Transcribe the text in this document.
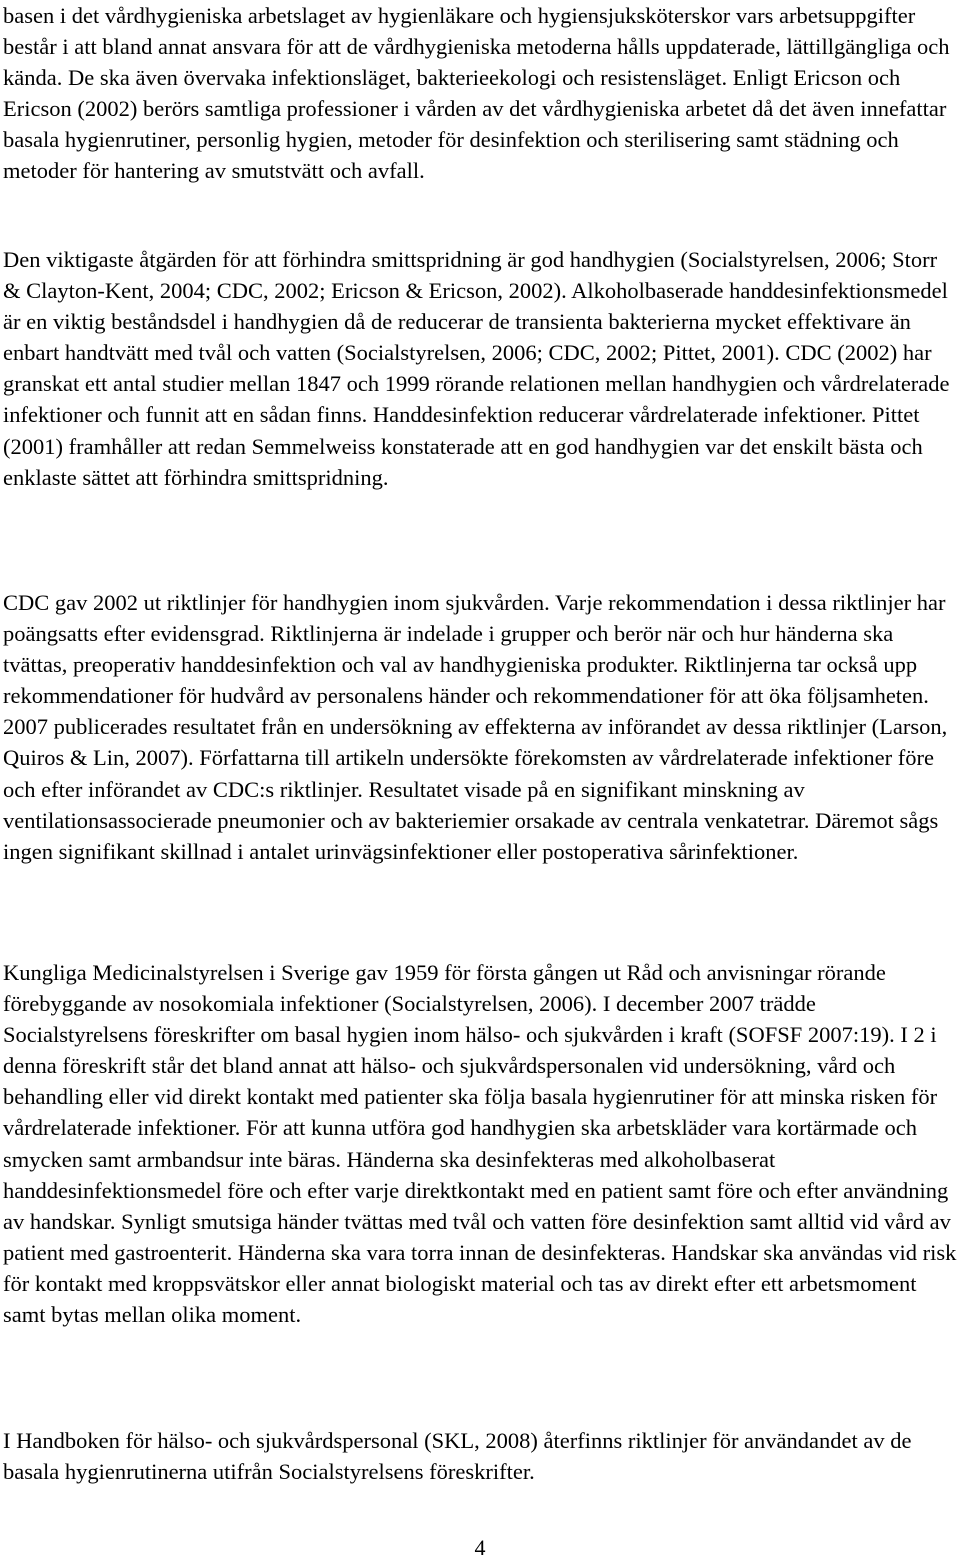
basen i det vårdhygieniska arbetslaget av hygienläkare och hygiensjuksköterskor vars arbetsuppgifter består i att bland annat ansvara för att de vårdhygieniska metoderna hålls uppdaterade, lättillgängliga och kända. De ska även övervaka infektionsläget, bakterieekologi och resistensläget. Enligt Ericson och Ericson (2002) berörs samtliga professioner i vården av det vårdhygieniska arbetet då det även innefattar basala hygienrutiner, personlig hygien, metoder för desinfektion och sterilisering samt städning och metoder för hantering av smutstvätt och avfall.

Den viktigaste åtgärden för att förhindra smittspridning är god handhygien (Socialstyrelsen, 2006; Storr & Clayton-Kent, 2004; CDC, 2002; Ericson & Ericson, 2002). Alkoholbaserade handdesinfektionsmedel är en viktig beståndsdel i handhygien då de reducerar de transienta bakterierna mycket effektivare än enbart handtvätt med tvål och vatten (Socialstyrelsen, 2006; CDC, 2002; Pittet, 2001). CDC (2002) har granskat ett antal studier mellan 1847 och 1999 rörande relationen mellan handhygien och vårdrelaterade infektioner och funnit att en sådan finns. Handdesinfektion reducerar vårdrelaterade infektioner. Pittet (2001) framhåller att redan Semmelweiss konstaterade att en god handhygien var det enskilt bästa och enklaste sättet att förhindra smittspridning.

CDC gav 2002 ut riktlinjer för handhygien inom sjukvården. Varje rekommendation i dessa riktlinjer har poängsatts efter evidensgrad. Riktlinjerna är indelade i grupper och berör när och hur händerna ska tvättas, preoperativ handdesinfektion och val av handhygieniska produkter. Riktlinjerna tar också upp rekommendationer för hudvård av personalens händer och rekommendationer för att öka följsamheten. 2007 publicerades resultatet från en undersökning av effekterna av införandet av dessa riktlinjer (Larson, Quiros & Lin, 2007). Författarna till artikeln undersökte förekomsten av vårdrelaterade infektioner före och efter införandet av CDC:s riktlinjer. Resultatet visade på en signifikant minskning av ventilationsassocierade pneumonier och av bakteriemier orsakade av centrala venkatetrar. Däremot sågs ingen signifikant skillnad i antalet urinvägsinfektioner eller postoperativa sårinfektioner.

Kungliga Medicinalstyrelsen i Sverige gav 1959 för första gången ut Råd och anvisningar rörande förebyggande av nosokomiala infektioner (Socialstyrelsen, 2006). I december 2007 trädde Socialstyrelsens föreskrifter om basal hygien inom hälso- och sjukvården i kraft (SOFSF 2007:19). I 2 i denna föreskrift står det bland annat att hälso- och sjukvårdspersonalen vid undersökning, vård och behandling eller vid direkt kontakt med patienter ska följa basala hygienrutiner för att minska risken för vårdrelaterade infektioner. För att kunna utföra god handhygien ska arbetskläder vara kortärmade och smycken samt armbandsur inte bäras. Händerna ska desinfekteras med alkoholbaserat handdesinfektionsmedel före och efter varje direktkontakt med en patient samt före och efter användning av handskar. Synligt smutsiga händer tvättas med tvål och vatten före desinfektion samt alltid vid vård av patient med gastroenterit. Händerna ska vara torra innan de desinfekteras. Handskar ska användas vid risk för kontakt med kroppsvätskor eller annat biologiskt material och tas av direkt efter ett arbetsmoment samt bytas mellan olika moment.

I Handboken för hälso- och sjukvårdspersonal (SKL, 2008) återfinns riktlinjer för användandet av de basala hygienrutinerna utifrån Socialstyrelsens föreskrifter.

4
